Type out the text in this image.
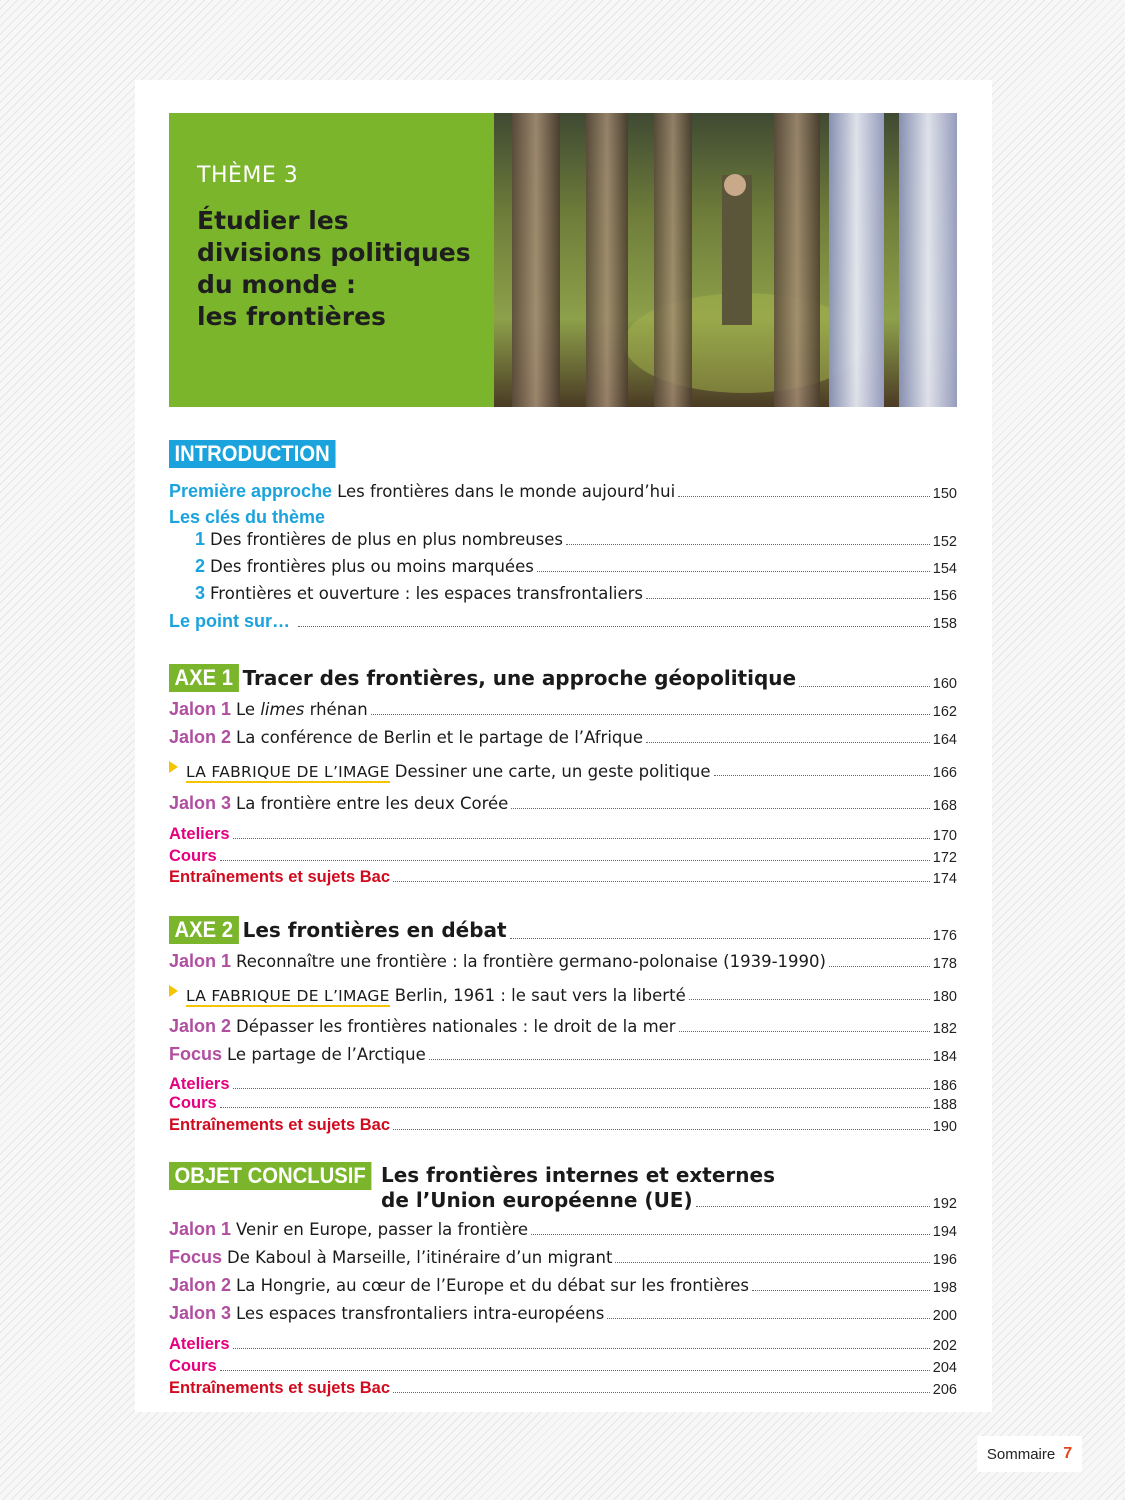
THÈME 3
Étudier les
divisions politiques
du monde :
les frontières
INTRODUCTION
Première approche Les frontières dans le monde aujourd’hui	150
Les clés du thème
1 Des frontières de plus en plus nombreuses	152
2 Des frontières plus ou moins marquées	154
3 Frontières et ouverture : les espaces transfrontaliers	156
Le point sur…	158
AXE 1 Tracer des frontières, une approche géopolitique	160
Jalon 1 Le limes rhénan	162
Jalon 2 La conférence de Berlin et le partage de l’Afrique	164
LA FABRIQUE DE L’IMAGE Dessiner une carte, un geste politique	166
Jalon 3 La frontière entre les deux Corée	168
Ateliers	170
Cours	172
Entraînements et sujets Bac	174
AXE 2 Les frontières en débat	176
Jalon 1 Reconnaître une frontière : la frontière germano-polonaise (1939-1990)	178
LA FABRIQUE DE L’IMAGE Berlin, 1961 : le saut vers la liberté	180
Jalon 2 Dépasser les frontières nationales : le droit de la mer	182
Focus Le partage de l’Arctique	184
Ateliers	186
Cours	188
Entraînements et sujets Bac	190
OBJET CONCLUSIF Les frontières internes et externes
de l’Union européenne (UE)	192
Jalon 1 Venir en Europe, passer la frontière	194
Focus De Kaboul à Marseille, l’itinéraire d’un migrant	196
Jalon 2 La Hongrie, au cœur de l’Europe et du débat sur les frontières	198
Jalon 3 Les espaces transfrontaliers intra-européens	200
Ateliers	202
Cours	204
Entraînements et sujets Bac	206
Sommaire 7
